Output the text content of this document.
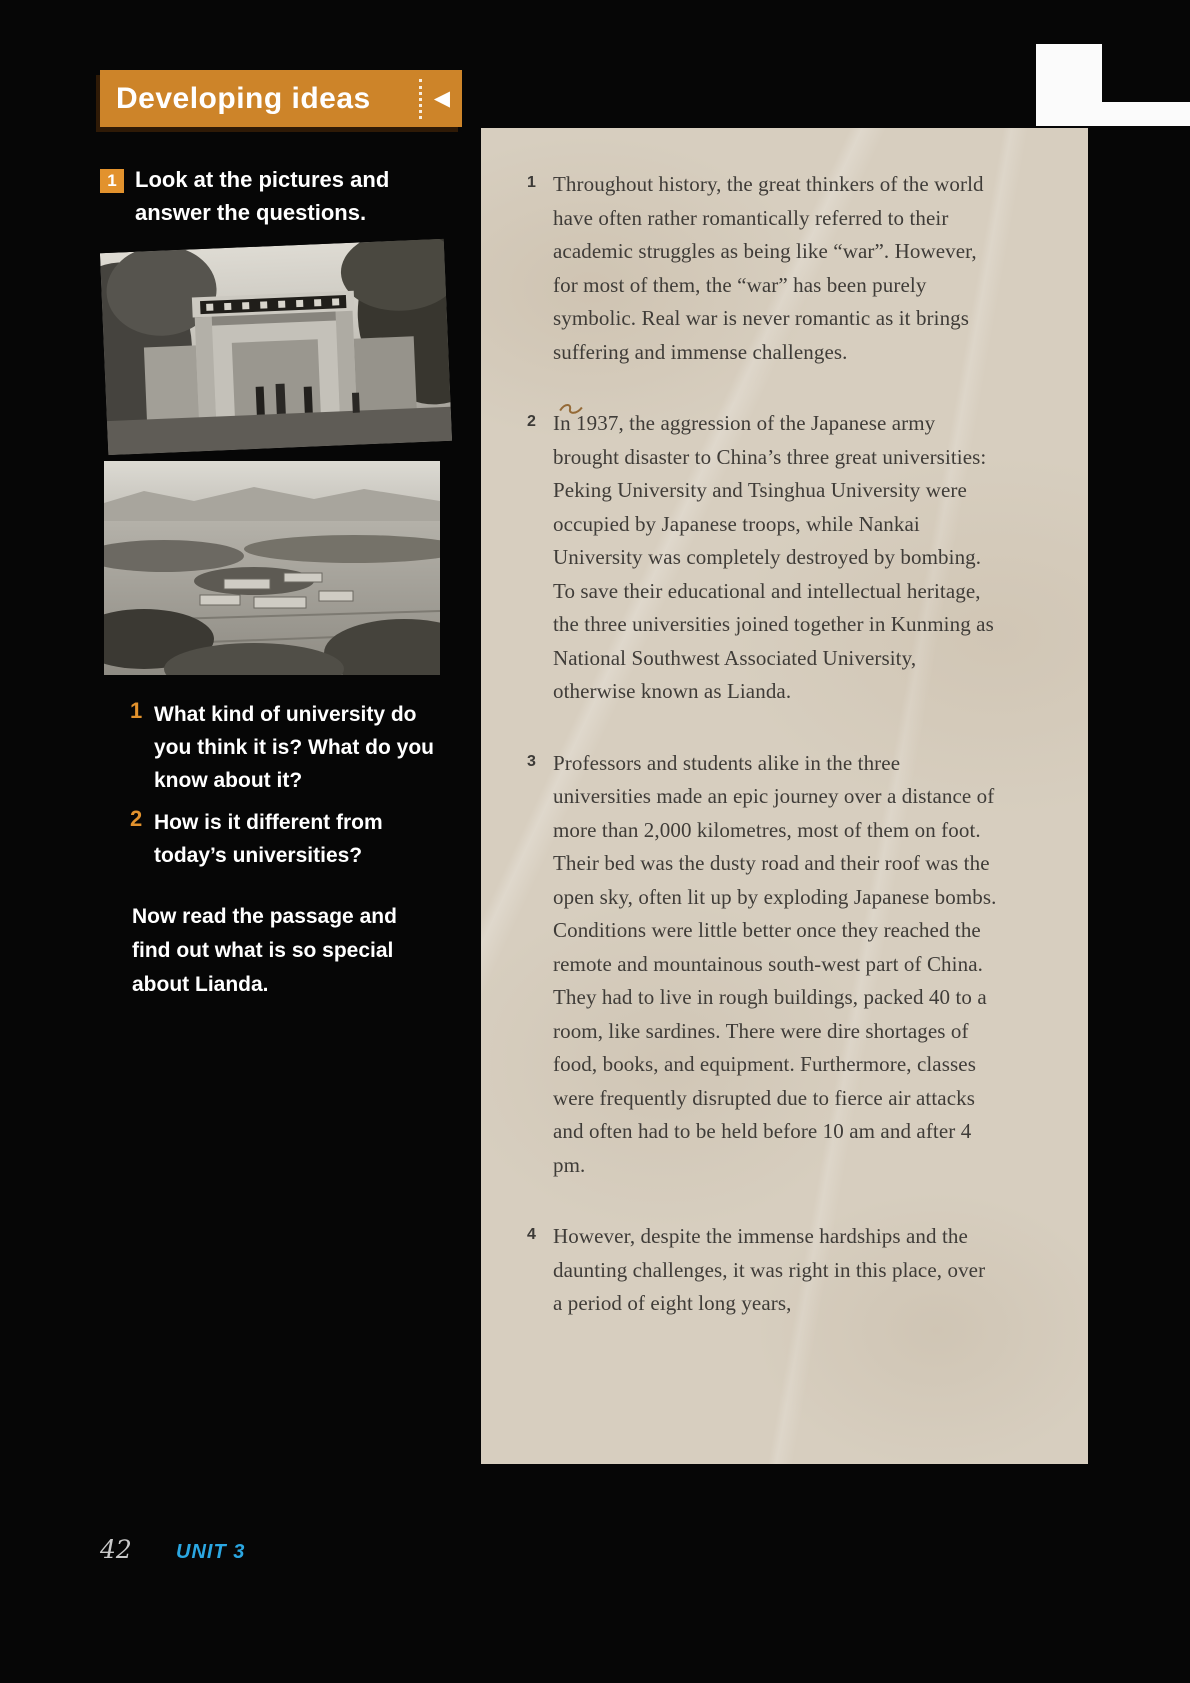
Developing ideas	◀
1 Look at the pictures and answer the questions.

1 What kind of university do you think it is? What do you know about it?
2 How is it different from today’s universities?

Now read the passage and find out what is so special about Lianda.

1 Throughout history, the great thinkers of the world have often rather romantically referred to their academic struggles as being like “war”. However, for most of them, the “war” has been purely symbolic. Real war is never romantic as it brings suffering and immense challenges.

2 In 1937, the aggression of the Japanese army brought disaster to China’s three great universities: Peking University and Tsinghua University were occupied by Japanese troops, while Nankai University was completely destroyed by bombing. To save their educational and intellectual heritage, the three universities joined together in Kunming as National Southwest Associated University, otherwise known as Lianda.

3 Professors and students alike in the three universities made an epic journey over a distance of more than 2,000 kilometres, most of them on foot. Their bed was the dusty road and their roof was the open sky, often lit up by exploding Japanese bombs. Conditions were little better once they reached the remote and mountainous south-west part of China. They had to live in rough buildings, packed 40 to a room, like sardines. There were dire shortages of food, books, and equipment. Furthermore, classes were frequently disrupted due to fierce air attacks and often had to be held before 10 am and after 4 pm.

4 However, despite the immense hardships and the daunting challenges, it was right in this place, over a period of eight long years,

42 UNIT 3
